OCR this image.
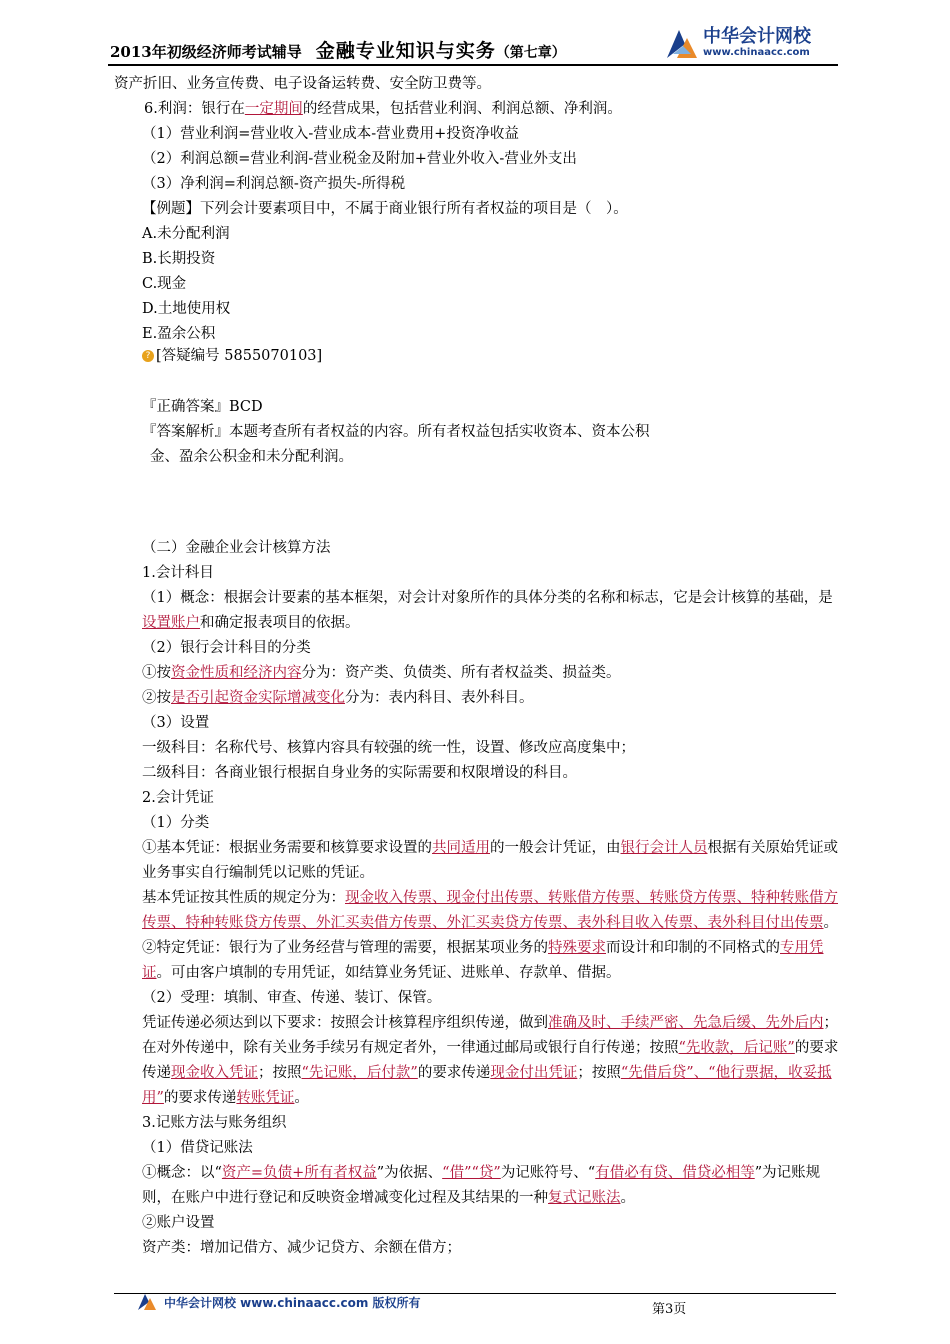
2013年初级经济师考试辅导 金融专业知识与实务（第七章）
中华会计网校
www.chinaacc.com
资产折旧、业务宣传费、电子设备运转费、安全防卫费等。
6.利润：银行在一定期间的经营成果，包括营业利润、利润总额、净利润。
（1）营业利润=营业收入-营业成本-营业费用+投资净收益
（2）利润总额=营业利润-营业税金及附加+营业外收入-营业外支出
（3）净利润=利润总额-资产损失-所得税
【例题】下列会计要素项目中，不属于商业银行所有者权益的项目是（　）。
A.未分配利润
B.长期投资
C.现金
D.土地使用权
E.盈余公积
? [答疑编号 5855070103]
『正确答案』BCD
『答案解析』本题考查所有者权益的内容。所有者权益包括实收资本、资本公积
金、盈余公积金和未分配利润。
（二）金融企业会计核算方法
1.会计科目
（1）概念：根据会计要素的基本框架，对会计对象所作的具体分类的名称和标志，它是会计核算的基础，是设置账户和确定报表项目的依据。
（2）银行会计科目的分类
①按资金性质和经济内容分为：资产类、负债类、所有者权益类、损益类。
②按是否引起资金实际增减变化分为：表内科目、表外科目。
（3）设置
一级科目：名称代号、核算内容具有较强的统一性，设置、修改应高度集中；
二级科目：各商业银行根据自身业务的实际需要和权限增设的科目。
2.会计凭证
（1）分类
①基本凭证：根据业务需要和核算要求设置的共同适用的一般会计凭证，由银行会计人员根据有关原始凭证或业务事实自行编制凭以记账的凭证。
基本凭证按其性质的规定分为：现金收入传票、现金付出传票、转账借方传票、转账贷方传票、特种转账借方传票、特种转账贷方传票、外汇买卖借方传票、外汇买卖贷方传票、表外科目收入传票、表外科目付出传票。
②特定凭证：银行为了业务经营与管理的需要，根据某项业务的特殊要求而设计和印制的不同格式的专用凭证。可由客户填制的专用凭证，如结算业务凭证、进账单、存款单、借据。
（2）受理：填制、审查、传递、装订、保管。
凭证传递必须达到以下要求：按照会计核算程序组织传递，做到准确及时、手续严密、先急后缓、先外后内；在对外传递中，除有关业务手续另有规定者外，一律通过邮局或银行自行传递；按照“先收款，后记账”的要求传递现金收入凭证；按照“先记账，后付款”的要求传递现金付出凭证；按照“先借后贷”、“他行票据，收妥抵用”的要求传递转账凭证。
3.记账方法与账务组织
（1）借贷记账法
①概念：以“资产=负债+所有者权益”为依据、“借”“贷”为记账符号、“有借必有贷、借贷必相等”为记账规则，在账户中进行登记和反映资金增减变化过程及其结果的一种复式记账法。
②账户设置
资产类：增加记借方、减少记贷方、余额在借方；
中华会计网校 www.chinaacc.com 版权所有	第3页
